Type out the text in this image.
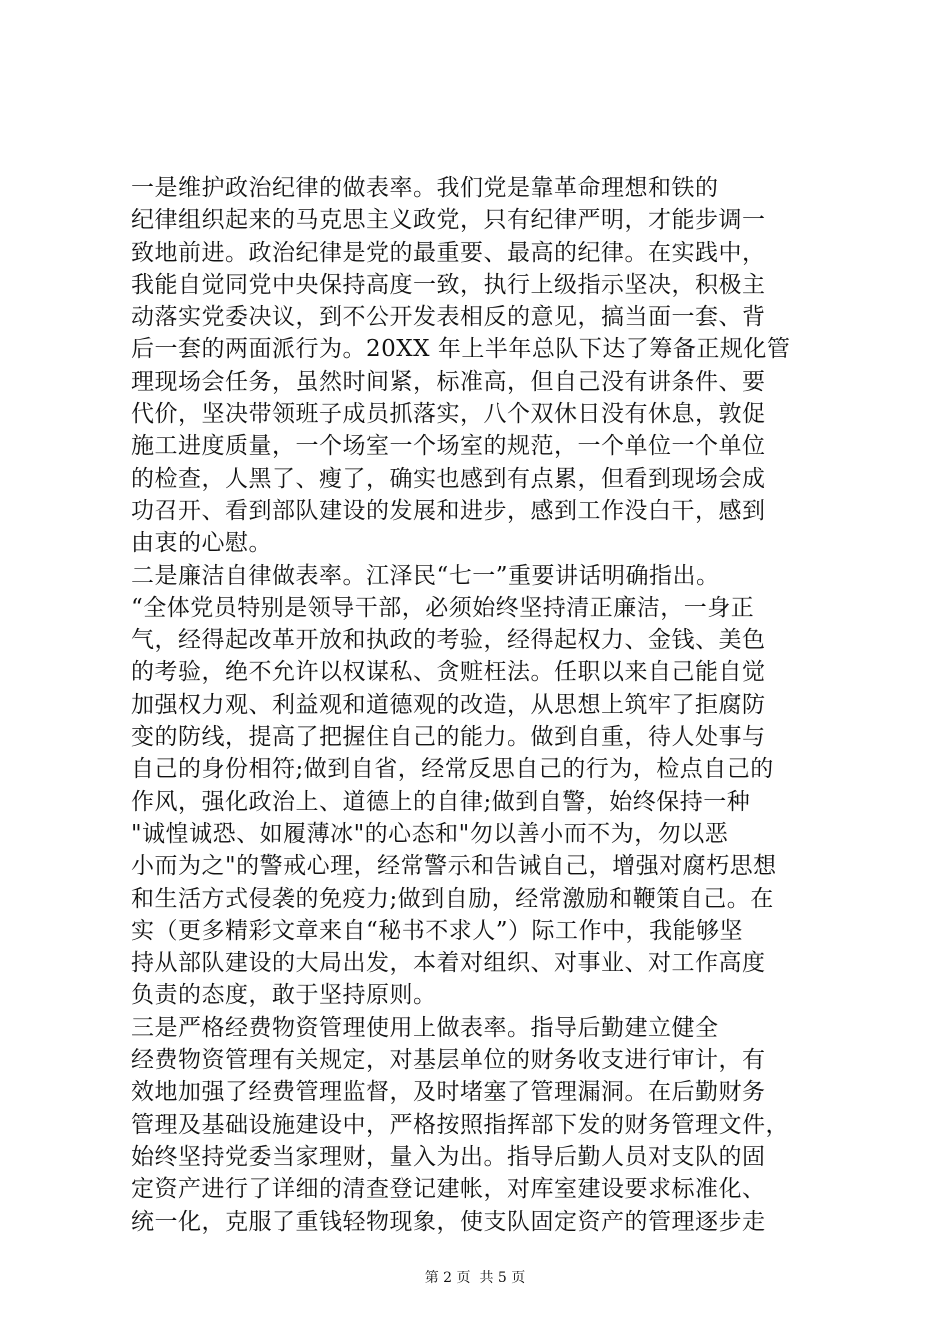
一是维护政治纪律的做表率。我们党是靠革命理想和铁的
纪律组织起来的马克思主义政党，只有纪律严明，才能步调一
致地前进。政治纪律是党的最重要、最高的纪律。在实践中，
我能自觉同党中央保持高度一致，执行上级指示坚决，积极主
动落实党委决议，到不公开发表相反的意见，搞当面一套、背
后一套的两面派行为。20XX 年上半年总队下达了筹备正规化管
理现场会任务，虽然时间紧，标准高，但自己没有讲条件、要
代价，坚决带领班子成员抓落实，八个双休日没有休息，敦促
施工进度质量，一个场室一个场室的规范，一个单位一个单位
的检查，人黑了、瘦了，确实也感到有点累，但看到现场会成
功召开、看到部队建设的发展和进步，感到工作没白干，感到
由衷的心慰。
二是廉洁自律做表率。江泽民“七一”重要讲话明确指出。
“全体党员特别是领导干部，必须始终坚持清正廉洁，一身正
气，经得起改革开放和执政的考验，经得起权力、金钱、美色
的考验，绝不允许以权谋私、贪赃枉法。任职以来自己能自觉
加强权力观、利益观和道德观的改造，从思想上筑牢了拒腐防
变的防线，提高了把握住自己的能力。做到自重，待人处事与
自己的身份相符;做到自省，经常反思自己的行为，检点自己的
作风，强化政治上、道德上的自律;做到自警，始终保持一种
"诚惶诚恐、如履薄冰"的心态和"勿以善小而不为，勿以恶
小而为之"的警戒心理，经常警示和告诫自己，增强对腐朽思想
和生活方式侵袭的免疫力;做到自励，经常激励和鞭策自己。在
实（更多精彩文章来自“秘书不求人”）际工作中，我能够坚
持从部队建设的大局出发，本着对组织、对事业、对工作高度
负责的态度，敢于坚持原则。
三是严格经费物资管理使用上做表率。指导后勤建立健全
经费物资管理有关规定，对基层单位的财务收支进行审计，有
效地加强了经费管理监督，及时堵塞了管理漏洞。在后勤财务
管理及基础设施建设中，严格按照指挥部下发的财务管理文件，
始终坚持党委当家理财，量入为出。指导后勤人员对支队的固
定资产进行了详细的清查登记建帐，对库室建设要求标准化、
统一化，克服了重钱轻物现象，使支队固定资产的管理逐步走
第 2 页 共 5 页
